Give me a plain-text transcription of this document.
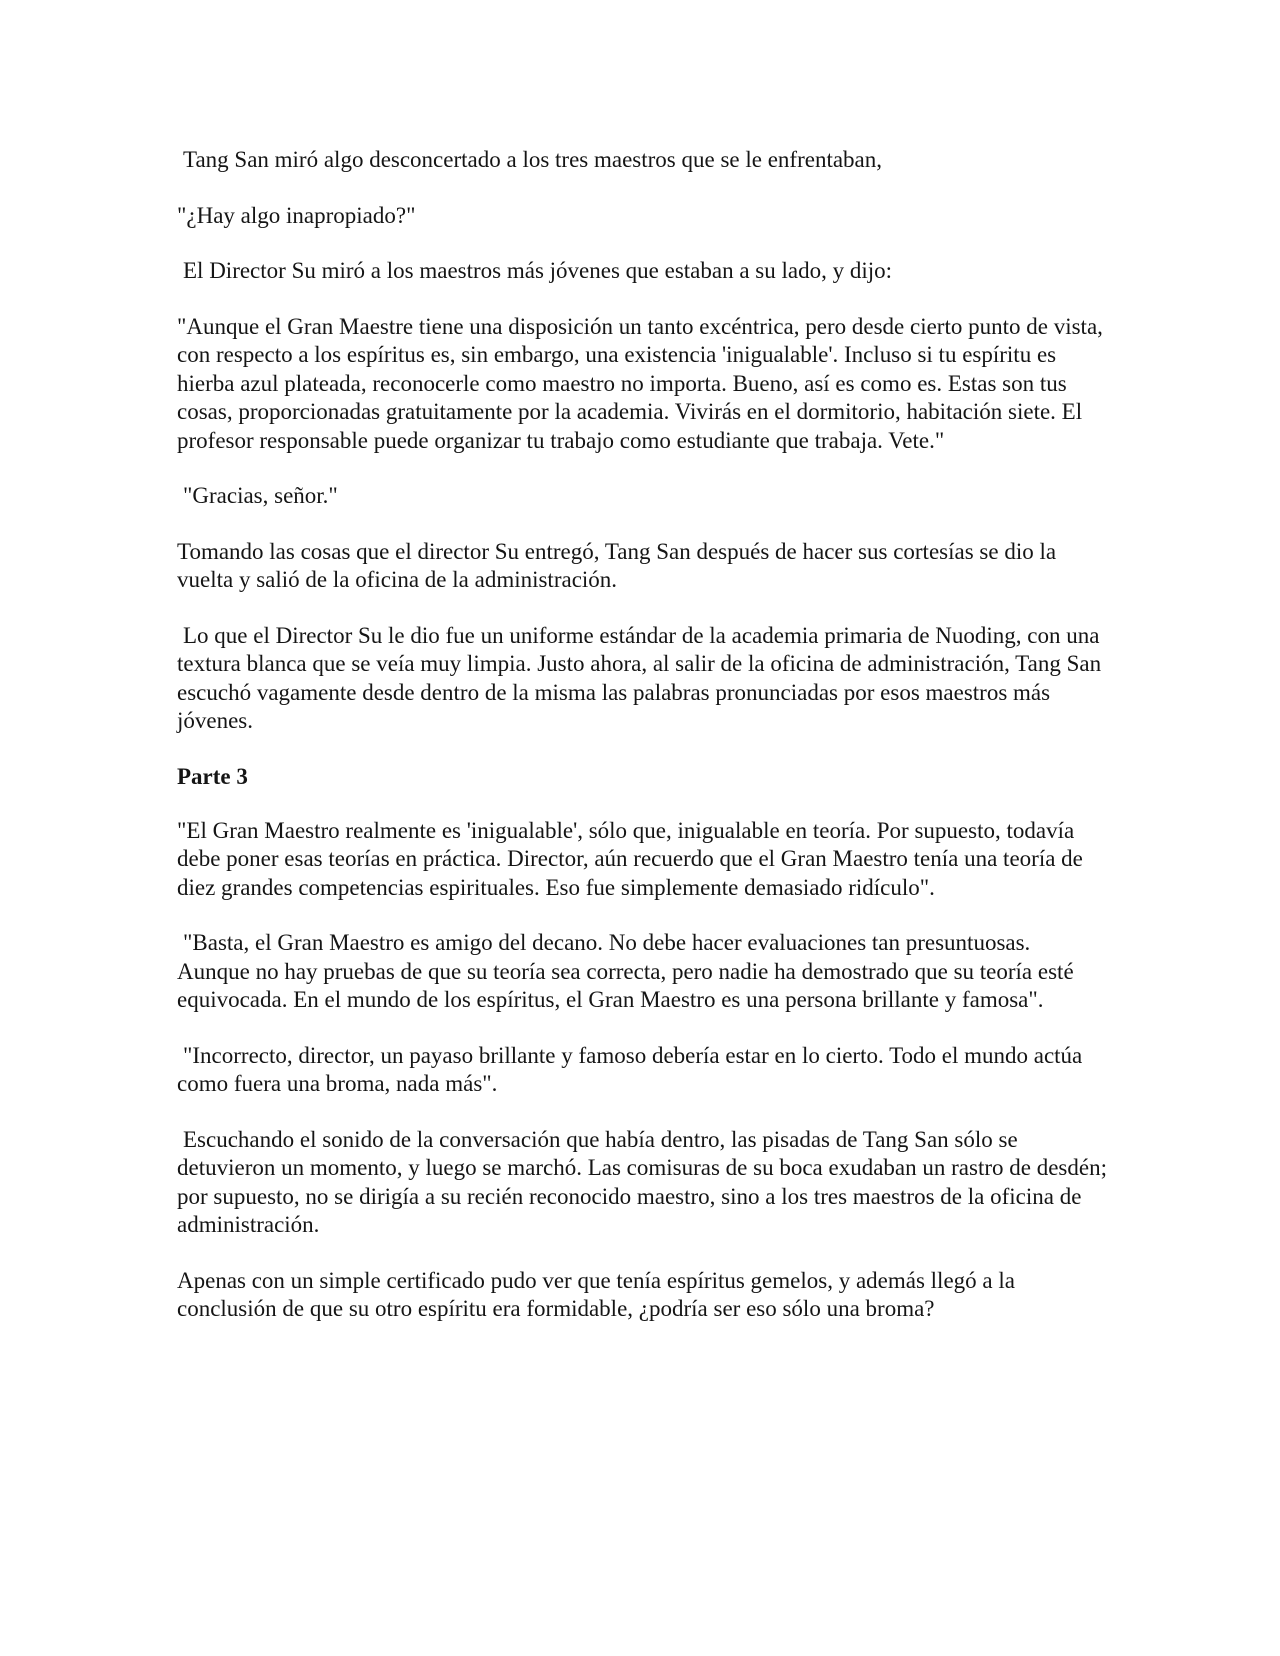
Tang San miró algo desconcertado a los tres maestros que se le enfrentaban,

"¿Hay algo inapropiado?"

El Director Su miró a los maestros más jóvenes que estaban a su lado, y dijo:

"Aunque el Gran Maestre tiene una disposición un tanto excéntrica, pero desde cierto punto de vista, con respecto a los espíritus es, sin embargo, una existencia 'inigualable'. Incluso si tu espíritu es hierba azul plateada, reconocerle como maestro no importa. Bueno, así es como es. Estas son tus cosas, proporcionadas gratuitamente por la academia. Vivirás en el dormitorio, habitación siete. El profesor responsable puede organizar tu trabajo como estudiante que trabaja. Vete."

"Gracias, señor."

Tomando las cosas que el director Su entregó, Tang San después de hacer sus cortesías se dio la vuelta y salió de la oficina de la administración.

Lo que el Director Su le dio fue un uniforme estándar de la academia primaria de Nuoding, con una textura blanca que se veía muy limpia. Justo ahora, al salir de la oficina de administración, Tang San escuchó vagamente desde dentro de la misma las palabras pronunciadas por esos maestros más jóvenes.

Parte 3

"El Gran Maestro realmente es 'inigualable', sólo que, inigualable en teoría. Por supuesto, todavía debe poner esas teorías en práctica. Director, aún recuerdo que el Gran Maestro tenía una teoría de diez grandes competencias espirituales. Eso fue simplemente demasiado ridículo".

"Basta, el Gran Maestro es amigo del decano. No debe hacer evaluaciones tan presuntuosas. Aunque no hay pruebas de que su teoría sea correcta, pero nadie ha demostrado que su teoría esté equivocada. En el mundo de los espíritus, el Gran Maestro es una persona brillante y famosa".

"Incorrecto, director, un payaso brillante y famoso debería estar en lo cierto. Todo el mundo actúa como fuera una broma, nada más".

Escuchando el sonido de la conversación que había dentro, las pisadas de Tang San sólo se detuvieron un momento, y luego se marchó. Las comisuras de su boca exudaban un rastro de desdén; por supuesto, no se dirigía a su recién reconocido maestro, sino a los tres maestros de la oficina de administración.

Apenas con un simple certificado pudo ver que tenía espíritus gemelos, y además llegó a la conclusión de que su otro espíritu era formidable, ¿podría ser eso sólo una broma?
